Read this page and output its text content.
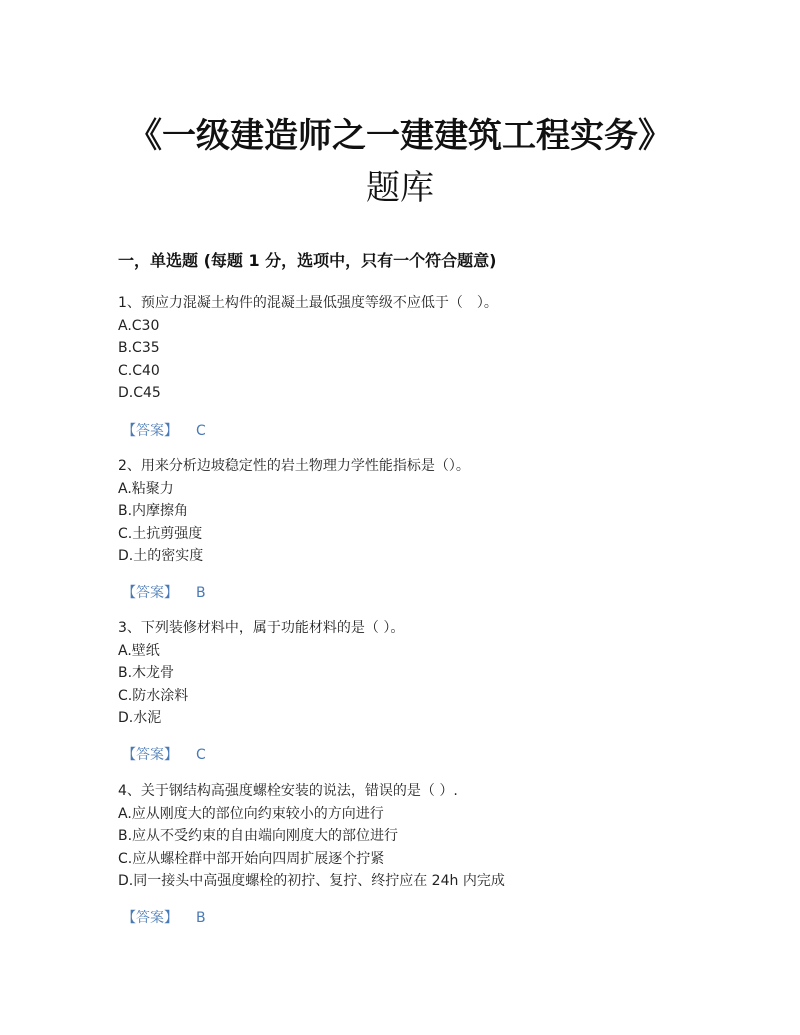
《一级建造师之一建建筑工程实务》
题库
一，单选题 (每题 1 分，选项中，只有一个符合题意)

1、预应力混凝土构件的混凝土最低强度等级不应低于（　）。

A.C30

B.C35

C.C40

D.C45

【答案】 C

2、用来分析边坡稳定性的岩土物理力学性能指标是（）。

A.粘聚力

B.内摩擦角

C.土抗剪强度

D.土的密实度

【答案】 B

3、下列装修材料中，属于功能材料的是（ ）。

A.壁纸

B.木龙骨

C.防水涂料

D.水泥

【答案】 C

4、关于钢结构高强度螺栓安装的说法，错误的是（ ）.

A.应从刚度大的部位向约束较小的方向进行

B.应从不受约束的自由端向刚度大的部位进行

C.应从螺栓群中部开始向四周扩展逐个拧紧

D.同一接头中高强度螺栓的初拧、复拧、终拧应在 24h 内完成

【答案】 B
